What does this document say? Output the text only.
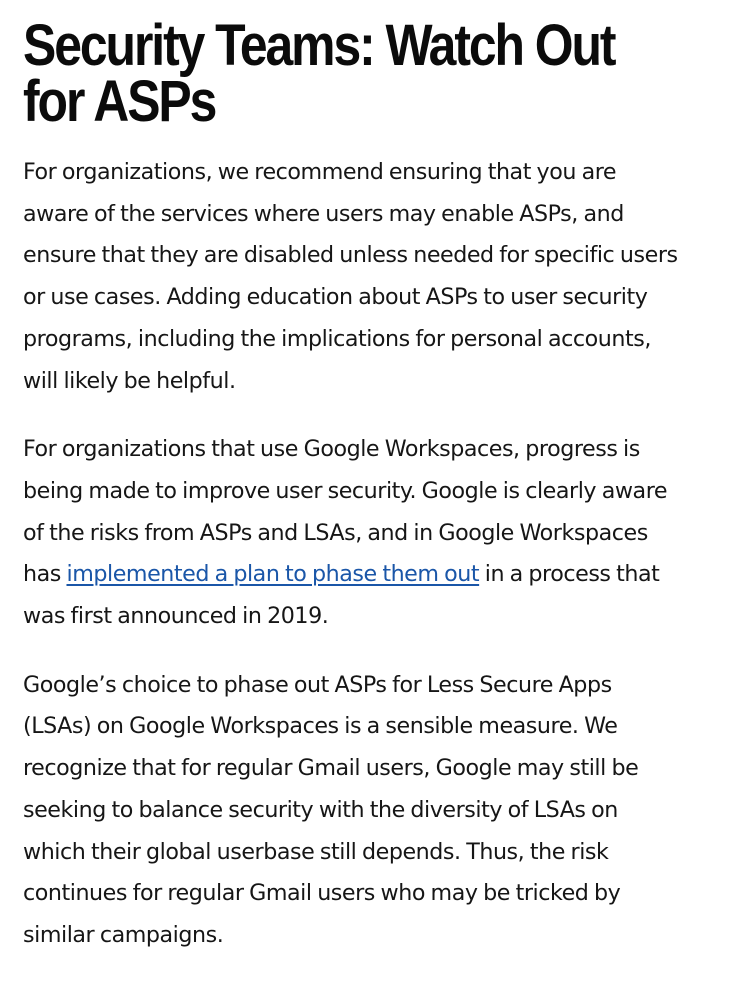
Security Teams: Watch Out
for ASPs

For organizations, we recommend ensuring that you are
aware of the services where users may enable ASPs, and
ensure that they are disabled unless needed for specific users
or use cases. Adding education about ASPs to user security
programs, including the implications for personal accounts,
will likely be helpful.

For organizations that use Google Workspaces, progress is
being made to improve user security. Google is clearly aware
of the risks from ASPs and LSAs, and in Google Workspaces
has implemented a plan to phase them out in a process that
was first announced in 2019.

Google’s choice to phase out ASPs for Less Secure Apps
(LSAs) on Google Workspaces is a sensible measure. We
recognize that for regular Gmail users, Google may still be
seeking to balance security with the diversity of LSAs on
which their global userbase still depends. Thus, the risk
continues for regular Gmail users who may be tricked by
similar campaigns.
